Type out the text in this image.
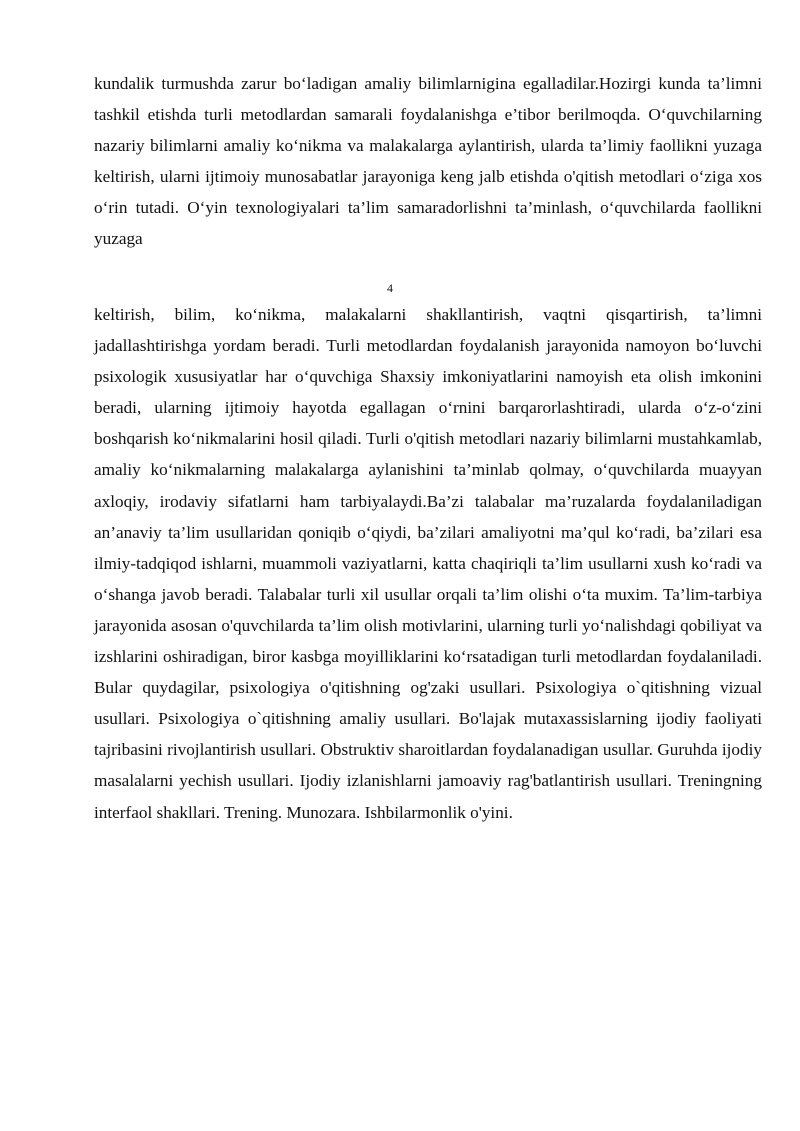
kundalik turmushda zarur bo‘ladigan amaliy bilimlarnigina egalladilar.Hozirgi kunda ta’limni tashkil etishda turli metodlardan samarali foydalanishga e’tibor berilmoqda. O‘quvchilarning nazariy bilimlarni amaliy ko‘nikma va malakalarga aylantirish, ularda ta’limiy faollikni yuzaga keltirish, ularni ijtimoiy munosabatlar jarayoniga keng jalb etishda o'qitish metodlari o‘ziga xos o‘rin tutadi. O‘yin texnologiyalari ta’lim samaradorlishni ta’minlash, o‘quvchilarda faollikni yuzaga

4

keltirish, bilim, ko‘nikma, malakalarni shakllantirish, vaqtni qisqartirish, ta’limni jadallashtirishga yordam beradi. Turli metodlardan foydalanish jarayonida namoyon bo‘luvchi psixologik xususiyatlar har o‘quvchiga Shaxsiy imkoniyatlarini namoyish eta olish imkonini beradi, ularning ijtimoiy hayotda egallagan o‘rnini barqarorlashtiradi, ularda o‘z-o‘zini boshqarish ko‘nikmalarini hosil qiladi. Turli o'qitish metodlari nazariy bilimlarni mustahkamlab, amaliy ko‘nikmalarning malakalarga aylanishini ta’minlab qolmay, o‘quvchilarda muayyan axloqiy, irodaviy sifatlarni ham tarbiyalaydi.Ba’zi talabalar ma’ruzalarda foydalaniladigan an’anaviy ta’lim usullaridan qoniqib o‘qiydi, ba’zilari amaliyotni ma’qul ko‘radi, ba’zilari esa ilmiy-tadqiqod ishlarni, muammoli vaziyatlarni, katta chaqiriqli ta’lim usullarni xush ko‘radi va o‘shanga javob beradi. Talabalar turli xil usullar orqali ta’lim olishi o‘ta muxim. Ta’lim-tarbiya jarayonida asosan o'quvchilarda ta’lim olish motivlarini, ularning turli yo‘nalishdagi qobiliyat va izshlarini oshiradigan, biror kasbga moyilliklarini ko‘rsatadigan turli metodlardan foydalaniladi. Bular quydagilar, psixologiya o'qitishning og'zaki usullari. Psixologiya o`qitishning vizual usullari. Psixologiya o`qitishning amaliy usullari. Bo'lajak mutaxassislarning ijodiy faoliyati tajribasini rivojlantirish usullari. Obstruktiv sharoitlardan foydalanadigan usullar. Guruhda ijodiy masalalarni yechish usullari. Ijodiy izlanishlarni jamoaviy rag'batlantirish usullari. Treningning interfaol shakllari. Trening. Munozara. Ishbilarmonlik o'yini.
